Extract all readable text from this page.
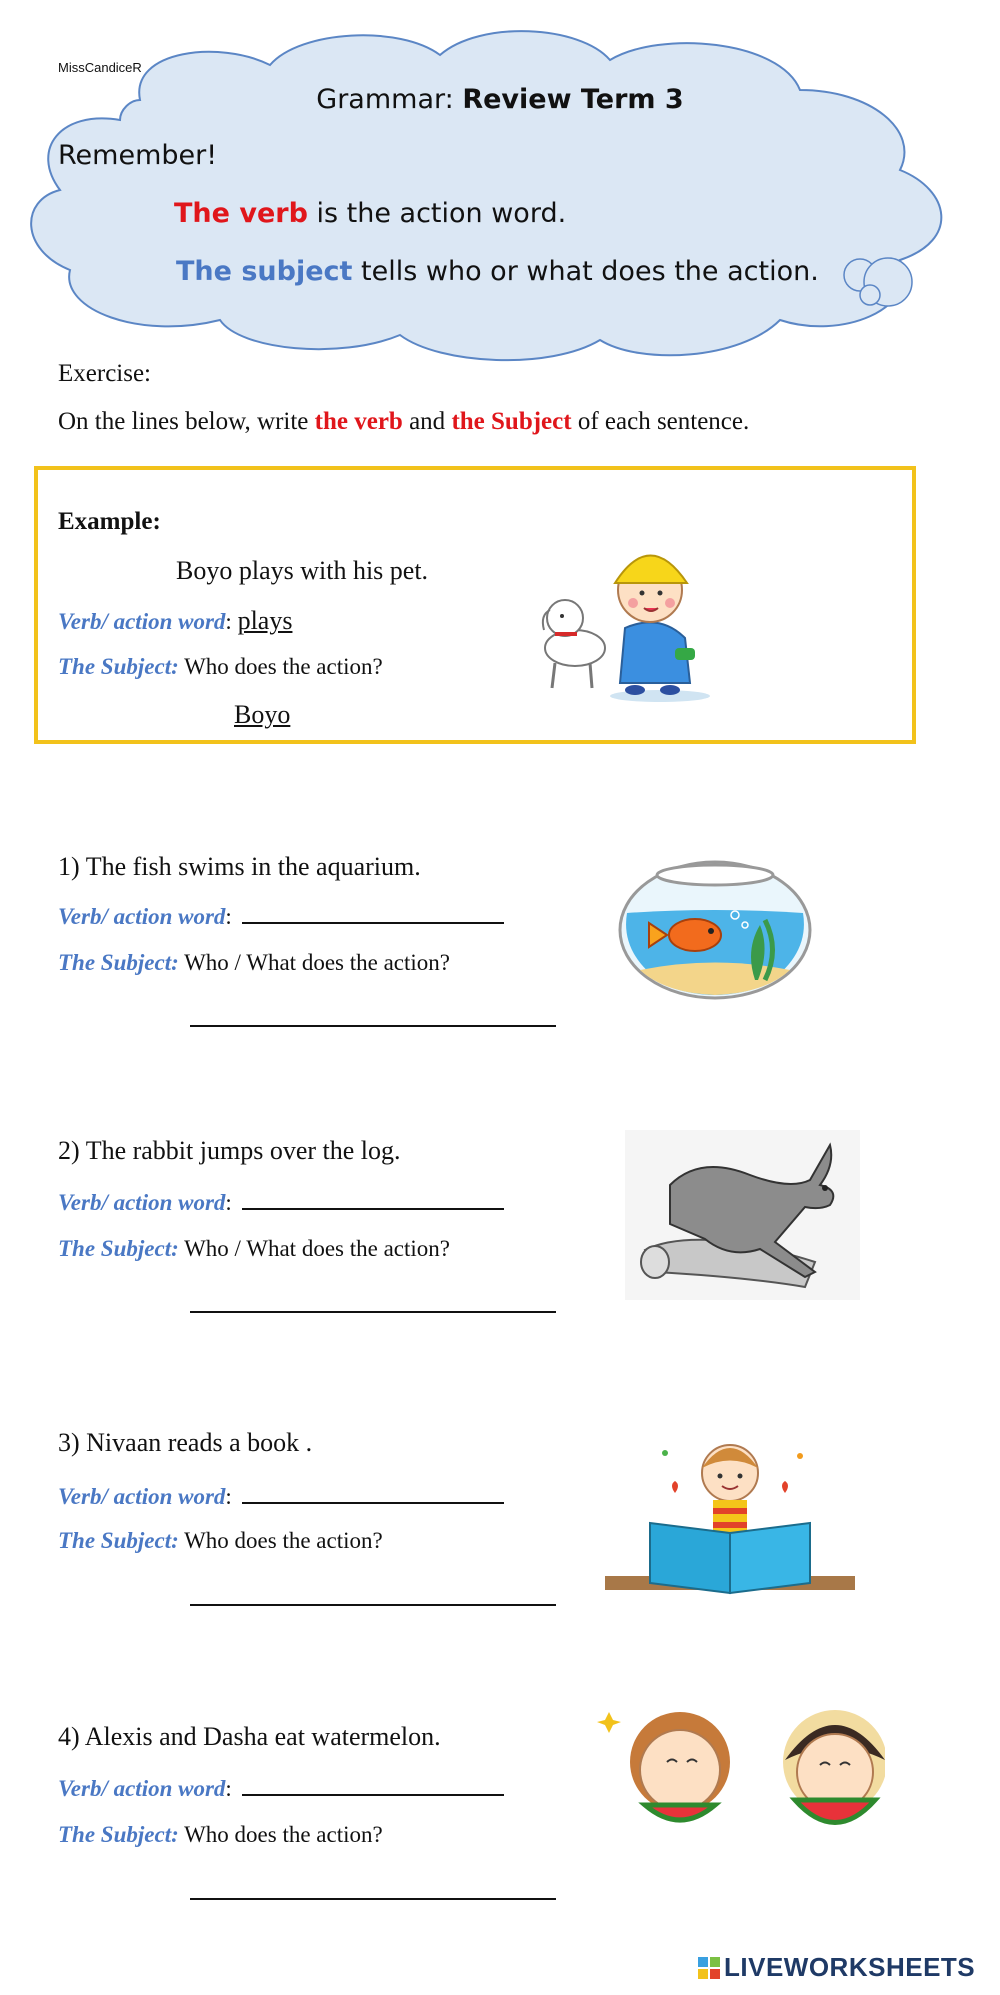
MissCandiceR
Grammar: Review Term 3
Remember!
The verb is the action word.
The subject tells who or what does the action.
Exercise:
On the lines below, write the verb and the Subject of each sentence.
Example:
Boyo plays with his pet.
Verb/ action word: plays
The Subject: Who does the action?
Boyo
1) The fish swims in the aquarium.
Verb/ action word:
The Subject: Who / What does the action?
2) The rabbit jumps over the log.
Verb/ action word:
The Subject: Who / What does the action?
3) Nivaan reads a book .
Verb/ action word:
The Subject: Who does the action?
4) Alexis and Dasha eat watermelon.
Verb/ action word:
The Subject: Who does the action?
LIVEWORKSHEETS
